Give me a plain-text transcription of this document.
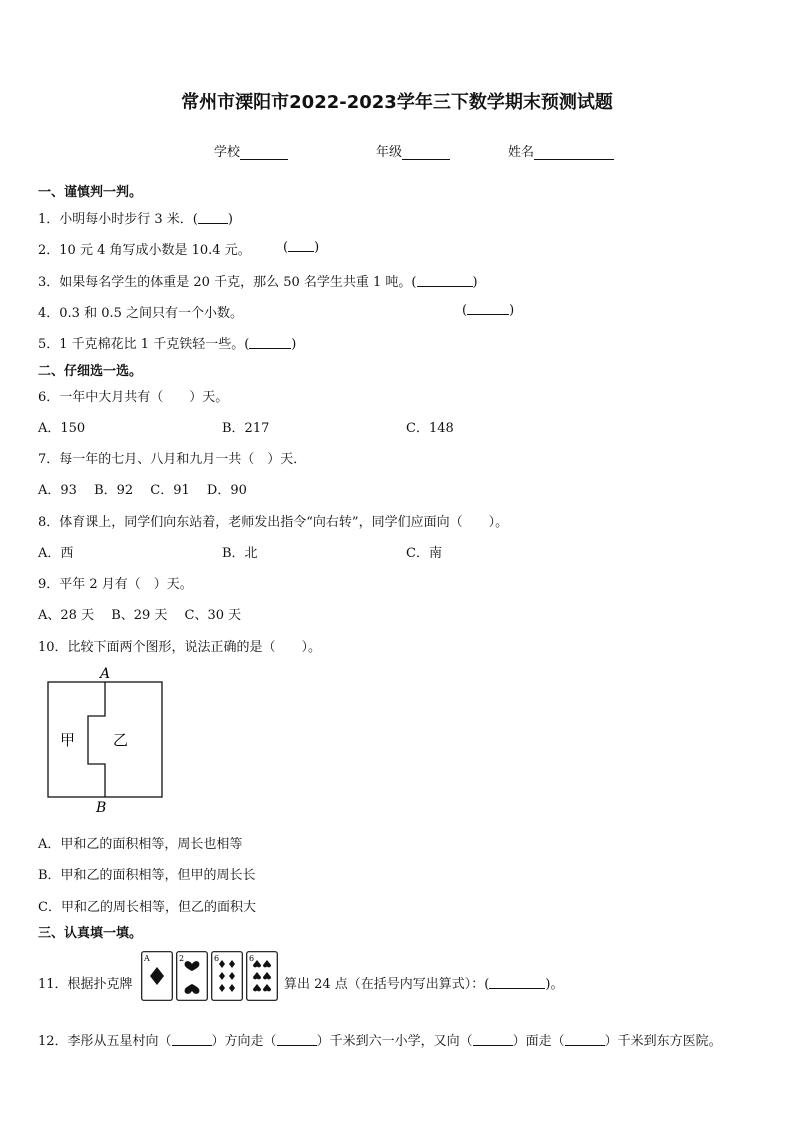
常州市溧阳市2022-2023学年三下数学期末预测试题
学校	年级	姓名
一、谨慎判一判。
1．小明每小时步行 3 米．( )
2．10 元 4 角写成小数是 10.4 元。 ( )
3．如果每名学生的体重是 20 千克，那么 50 名学生共重 1 吨。(	)
4．0.3 和 0.5 之间只有一个小数。	(	)
5．1 千克棉花比 1 千克铁轻一些。(	)
二、仔细选一选。
6．一年中大月共有（　　）天。
A．150	B．217	C．148
7．每一年的七月、八月和九月一共（　）天．
A．93　 B．92　 C．91　 D．90
8．体育课上，同学们向东站着，老师发出指令“向右转”，同学们应面向（　　）。
A．西	B．北	C．南
9．平年 2 月有（　）天。
A、28 天　 B、29 天　 C、30 天
10．比较下面两个图形，说法正确的是（　　）。
A
B
甲	乙
A．甲和乙的面积相等，周长也相等
B．甲和乙的面积相等，但甲的周长长
C．甲和乙的周长相等，但乙的面积大
三、认真填一填。
11．根据扑克牌
A	2	6	6
算出 24 点（在括号内写出算式）：(	)。
12．李彤从五星村向（	）方向走（	）千米到六一小学，又向（	）面走（	）千米到东方医院。
